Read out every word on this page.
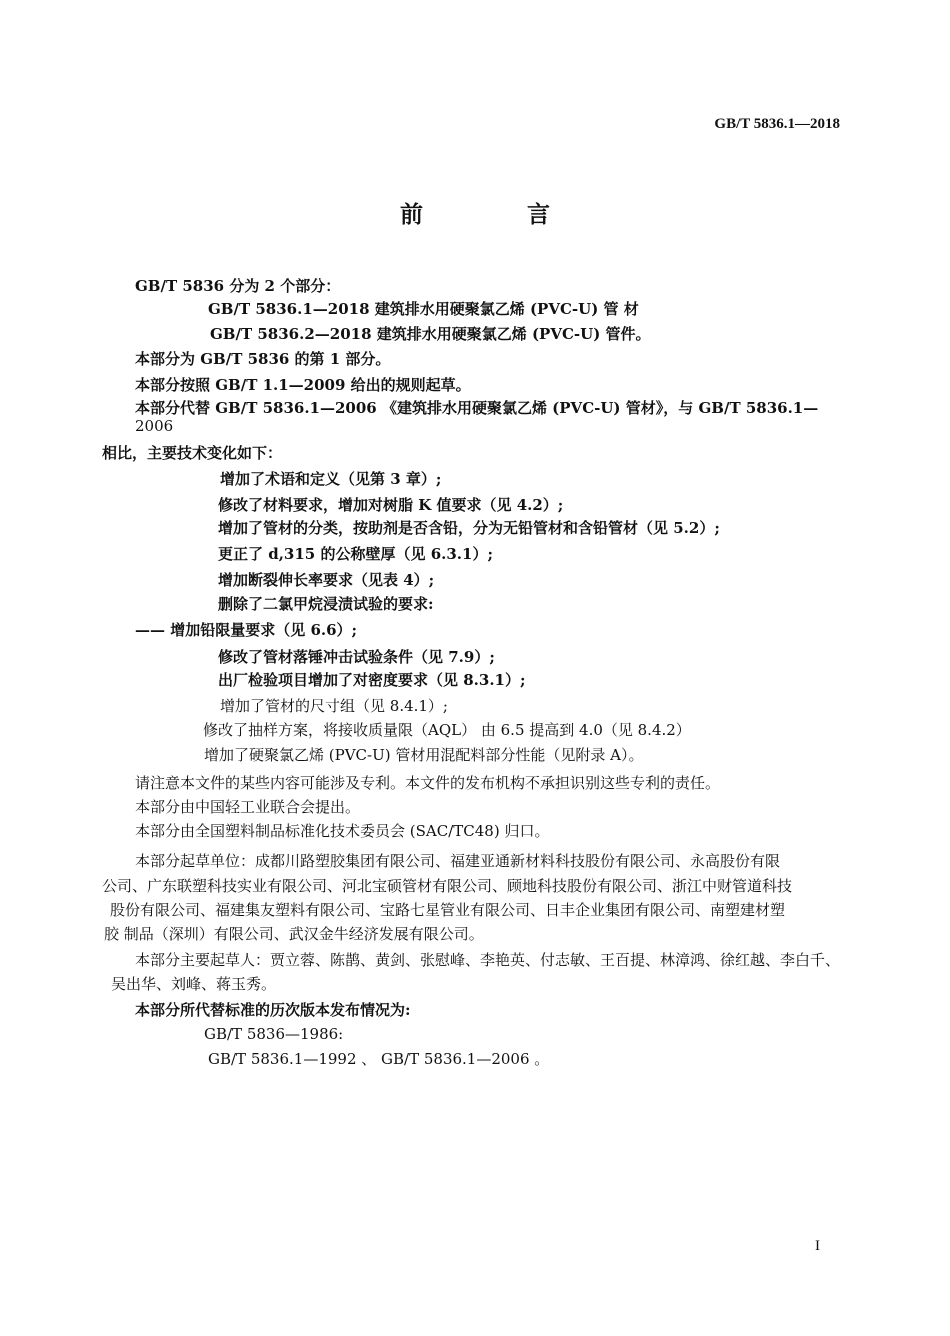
GB/T 5836.1—2018
前 言
GB/T 5836 分为 2 个部分：
GB/T 5836.1—2018 建筑排水用硬聚氯乙烯 (PVC-U) 管 材
GB/T 5836.2—2018 建筑排水用硬聚氯乙烯 (PVC-U) 管件。
本部分为 GB/T 5836 的第 1 部分。
本部分按照 GB/T 1.1—2009 给出的规则起草。
本部分代替 GB/T 5836.1—2006 《建筑排水用硬聚氯乙烯 (PVC-U) 管材》，与 GB/T 5836.1—
2006
相比，主要技术变化如下：
增加了术语和定义（见第 3 章）;
修改了材料要求，增加对树脂 K 值要求（见 4.2）;
增加了管材的分类，按助剂是否含铅，分为无铅管材和含铅管材（见 5.2）;
更正了 d,315 的公称壁厚（见 6.3.1）;
增加断裂伸长率要求（见表 4）;
删除了二氯甲烷浸渍试验的要求:
—— 增加铅限量要求（见 6.6）;
修改了管材落锤冲击试验条件（见 7.9）;
出厂检验项目增加了对密度要求（见 8.3.1）;
增加了管材的尺寸组（见 8.4.1）;
修改了抽样方案，将接收质量限（AQL） 由 6.5 提高到 4.0（见 8.4.2）
增加了硬聚氯乙烯 (PVC-U) 管材用混配料部分性能（见附录 A）。
请注意本文件的某些内容可能涉及专利。本文件的发布机构不承担识别这些专利的责任。
本部分由中国轻工业联合会提出。
本部分由全国塑料制品标准化技术委员会 (SAC/TC48) 归口。
本部分起草单位：成都川路塑胶集团有限公司、福建亚通新材料科技股份有限公司、永高股份有限
公司、广东联塑科技实业有限公司、河北宝硕管材有限公司、顾地科技股份有限公司、浙江中财管道科技
股份有限公司、福建集友塑料有限公司、宝路七星管业有限公司、日丰企业集团有限公司、南塑建材塑
胶 制品（深圳）有限公司、武汉金牛经济发展有限公司。
本部分主要起草人：贾立蓉、陈鹊、黄剑、张慰峰、李艳英、付志敏、王百提、林漳鸿、徐红越、李白千、
吴出华、刘峰、蒋玉秀。
本部分所代替标准的历次版本发布情况为:
GB/T 5836—1986:
GB/T 5836.1—1992 、 GB/T 5836.1—2006 。
I
